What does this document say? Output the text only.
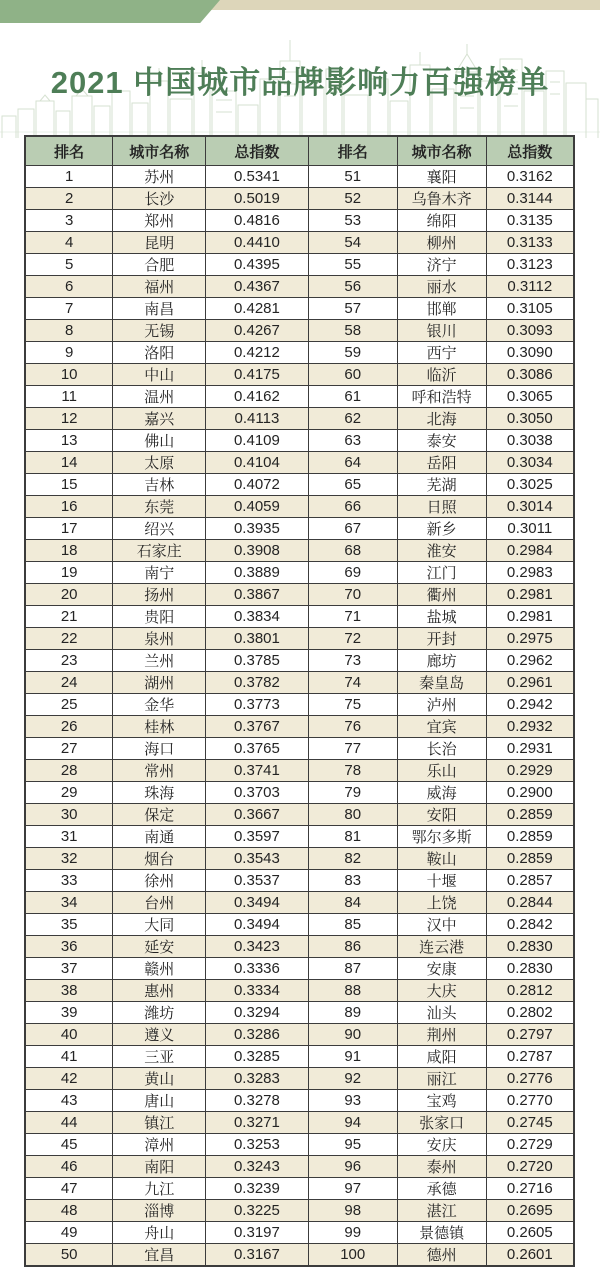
2021 中国城市品牌影响力百强榜单
排名	城市名称	总指数	排名	城市名称	总指数
1	苏州	0.5341	51	襄阳	0.3162
2	长沙	0.5019	52	乌鲁木齐	0.3144
3	郑州	0.4816	53	绵阳	0.3135
4	昆明	0.4410	54	柳州	0.3133
5	合肥	0.4395	55	济宁	0.3123
6	福州	0.4367	56	丽水	0.3112
7	南昌	0.4281	57	邯郸	0.3105
8	无锡	0.4267	58	银川	0.3093
9	洛阳	0.4212	59	西宁	0.3090
10	中山	0.4175	60	临沂	0.3086
11	温州	0.4162	61	呼和浩特	0.3065
12	嘉兴	0.4113	62	北海	0.3050
13	佛山	0.4109	63	泰安	0.3038
14	太原	0.4104	64	岳阳	0.3034
15	吉林	0.4072	65	芜湖	0.3025
16	东莞	0.4059	66	日照	0.3014
17	绍兴	0.3935	67	新乡	0.3011
18	石家庄	0.3908	68	淮安	0.2984
19	南宁	0.3889	69	江门	0.2983
20	扬州	0.3867	70	衢州	0.2981
21	贵阳	0.3834	71	盐城	0.2981
22	泉州	0.3801	72	开封	0.2975
23	兰州	0.3785	73	廊坊	0.2962
24	湖州	0.3782	74	秦皇岛	0.2961
25	金华	0.3773	75	泸州	0.2942
26	桂林	0.3767	76	宜宾	0.2932
27	海口	0.3765	77	长治	0.2931
28	常州	0.3741	78	乐山	0.2929
29	珠海	0.3703	79	威海	0.2900
30	保定	0.3667	80	安阳	0.2859
31	南通	0.3597	81	鄂尔多斯	0.2859
32	烟台	0.3543	82	鞍山	0.2859
33	徐州	0.3537	83	十堰	0.2857
34	台州	0.3494	84	上饶	0.2844
35	大同	0.3494	85	汉中	0.2842
36	延安	0.3423	86	连云港	0.2830
37	赣州	0.3336	87	安康	0.2830
38	惠州	0.3334	88	大庆	0.2812
39	潍坊	0.3294	89	汕头	0.2802
40	遵义	0.3286	90	荆州	0.2797
41	三亚	0.3285	91	咸阳	0.2787
42	黄山	0.3283	92	丽江	0.2776
43	唐山	0.3278	93	宝鸡	0.2770
44	镇江	0.3271	94	张家口	0.2745
45	漳州	0.3253	95	安庆	0.2729
46	南阳	0.3243	96	泰州	0.2720
47	九江	0.3239	97	承德	0.2716
48	淄博	0.3225	98	湛江	0.2695
49	舟山	0.3197	99	景德镇	0.2605
50	宜昌	0.3167	100	德州	0.2601
